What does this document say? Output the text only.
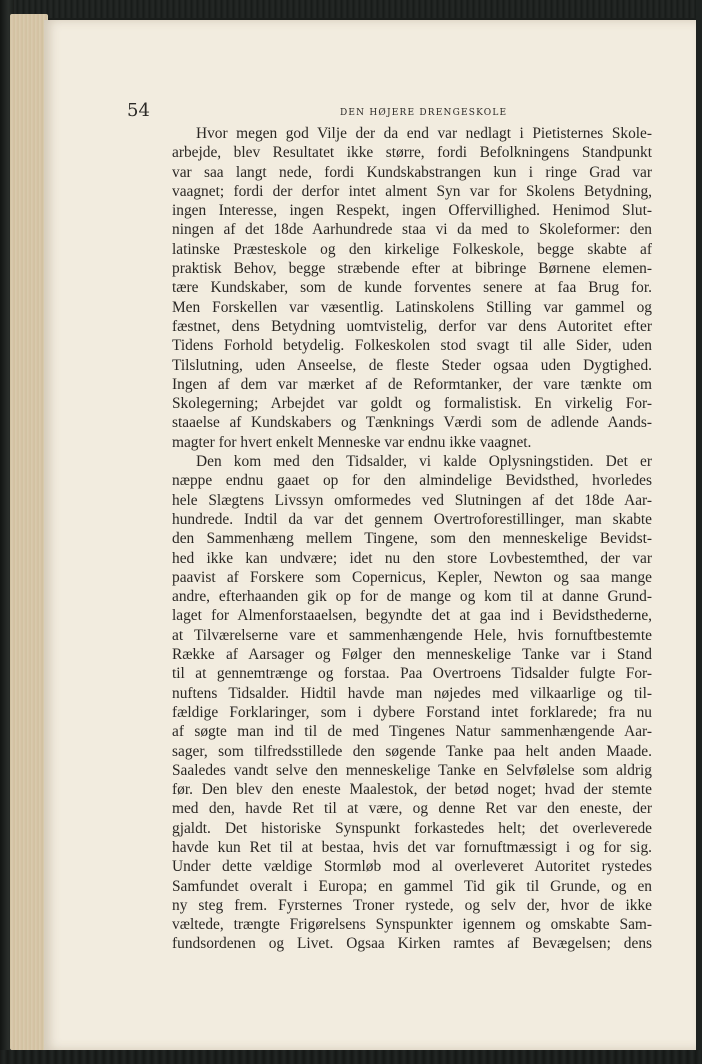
54	DEN HØJERE DRENGESKOLE
Hvor megen god Vilje der da end var nedlagt i Pietisternes Skole-
arbejde, blev Resultatet ikke større, fordi Befolkningens Standpunkt
var saa langt nede, fordi Kundskabstrangen kun i ringe Grad var
vaagnet; fordi der derfor intet alment Syn var for Skolens Betydning,
ingen Interesse, ingen Respekt, ingen Offervillighed. Henimod Slut-
ningen af det 18de Aarhundrede staa vi da med to Skoleformer: den
latinske Præsteskole og den kirkelige Folkeskole, begge skabte af
praktisk Behov, begge stræbende efter at bibringe Børnene elemen-
tære Kundskaber, som de kunde forventes senere at faa Brug for.
Men Forskellen var væsentlig. Latinskolens Stilling var gammel og
fæstnet, dens Betydning uomtvistelig, derfor var dens Autoritet efter
Tidens Forhold betydelig. Folkeskolen stod svagt til alle Sider, uden
Tilslutning, uden Anseelse, de fleste Steder ogsaa uden Dygtighed.
Ingen af dem var mærket af de Reformtanker, der vare tænkte om
Skolegerning; Arbejdet var goldt og formalistisk. En virkelig For-
staaelse af Kundskabers og Tænknings Værdi som de adlende Aands-
magter for hvert enkelt Menneske var endnu ikke vaagnet.
Den kom med den Tidsalder, vi kalde Oplysningstiden. Det er
næppe endnu gaaet op for den almindelige Bevidsthed, hvorledes
hele Slægtens Livssyn omformedes ved Slutningen af det 18de Aar-
hundrede. Indtil da var det gennem Overtroforestillinger, man skabte
den Sammenhæng mellem Tingene, som den menneskelige Bevidst-
hed ikke kan undvære; idet nu den store Lovbestemthed, der var
paavist af Forskere som Copernicus, Kepler, Newton og saa mange
andre, efterhaanden gik op for de mange og kom til at danne Grund-
laget for Almenforstaaelsen, begyndte det at gaa ind i Bevidsthederne,
at Tilværelserne vare et sammenhængende Hele, hvis fornuftbestemte
Række af Aarsager og Følger den menneskelige Tanke var i Stand
til at gennemtrænge og forstaa. Paa Overtroens Tidsalder fulgte For-
nuftens Tidsalder. Hidtil havde man nøjedes med vilkaarlige og til-
fældige Forklaringer, som i dybere Forstand intet forklarede; fra nu
af søgte man ind til de med Tingenes Natur sammenhængende Aar-
sager, som tilfredsstillede den søgende Tanke paa helt anden Maade.
Saaledes vandt selve den menneskelige Tanke en Selvfølelse som aldrig
før. Den blev den eneste Maalestok, der betød noget; hvad der stemte
med den, havde Ret til at være, og denne Ret var den eneste, der
gjaldt. Det historiske Synspunkt forkastedes helt; det overleverede
havde kun Ret til at bestaa, hvis det var fornuftmæssigt i og for sig.
Under dette vældige Stormløb mod al overleveret Autoritet rystedes
Samfundet overalt i Europa; en gammel Tid gik til Grunde, og en
ny steg frem. Fyrsternes Troner rystede, og selv der, hvor de ikke
væltede, trængte Frigørelsens Synspunkter igennem og omskabte Sam-
fundsordenen og Livet. Ogsaa Kirken ramtes af Bevægelsen; dens
